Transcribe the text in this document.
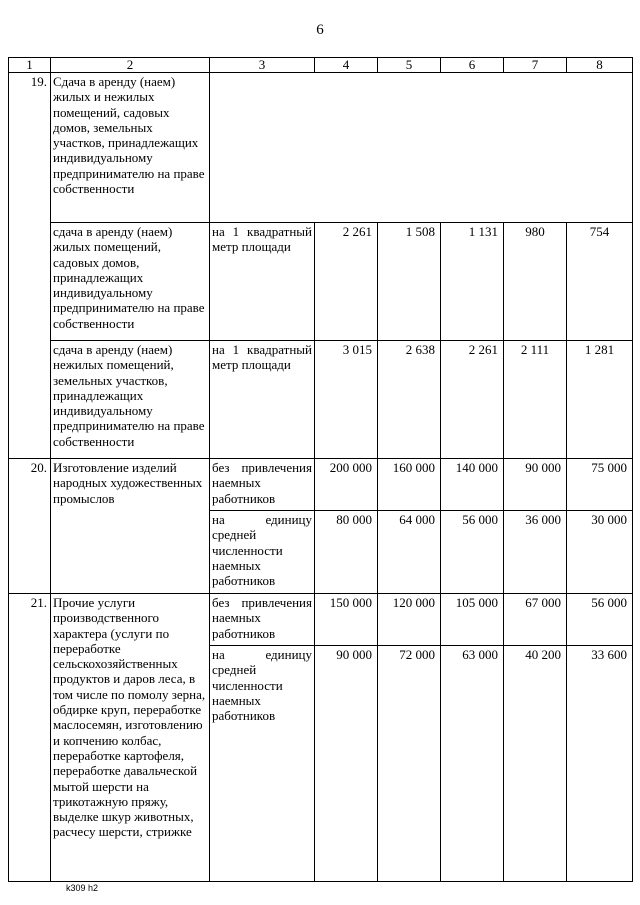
6
1	2	3	4	5	6	7	8
19.	Сдача в аренду (наем) жилых и нежилых помещений, садовых домов, земельных участков, принадлежащих индивидуальному предпринимателю на праве собственности						
	сдача в аренду (наем) жилых помещений, садовых домов, принадлежащих индивидуальному предпринимателю на праве собственности	на 1 квадратный метр площади	2 261	1 508	1 131	980	754
	сдача в аренду (наем) нежилых помещений, земельных участков, принадлежащих индивидуальному предпринимателю на праве собственности	на 1 квадратный метр площади	3 015	2 638	2 261	2 111	1 281
20.	Изготовление изделий народных художественных промыслов	без привлечения наемных работников	200 000	160 000	140 000	90 000	75 000
		на единицу средней численности наемных работников	80 000	64 000	56 000	36 000	30 000
21.	Прочие услуги производственного характера (услуги по переработке сельскохозяйственных продуктов и даров леса, в том числе по помолу зерна, обдирке круп, переработке маслосемян, изготовлению и копчению колбас, переработке картофеля, переработке давальческой мытой шерсти на трикотажную пряжу, выделке шкур животных, расчесу шерсти, стрижке	без привлечения наемных работников	150 000	120 000	105 000	67 000	56 000
		на единицу средней численности наемных работников	90 000	72 000	63 000	40 200	33 600
k309 h2
